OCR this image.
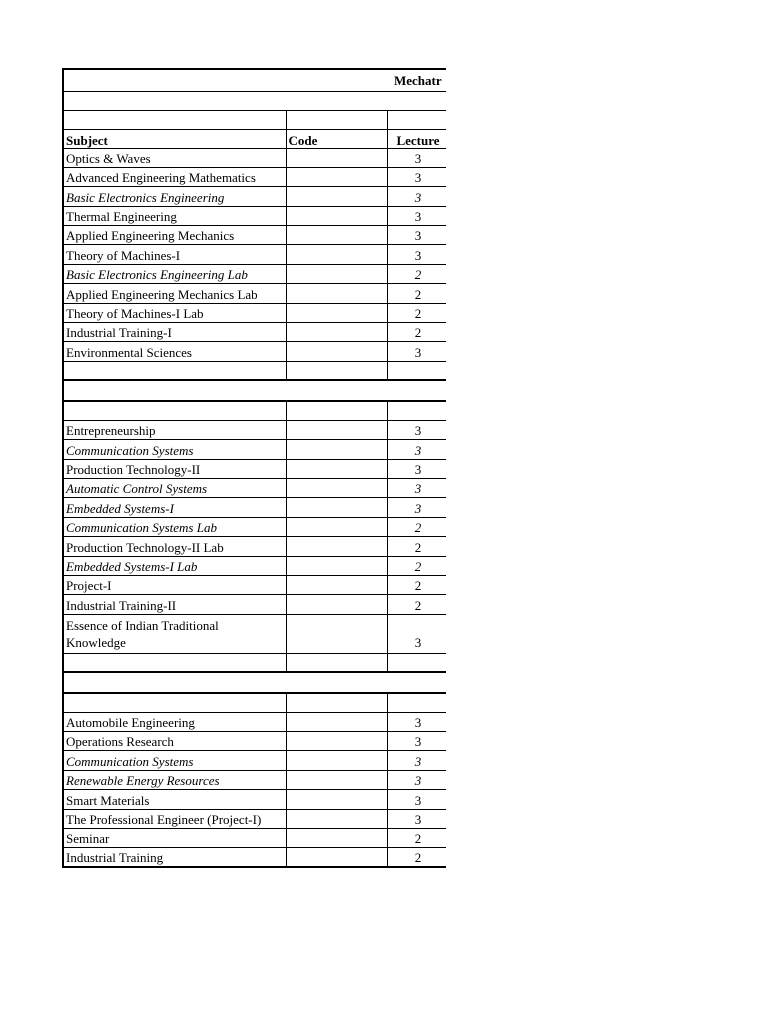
Mechatr		

Subject	Code	Lecture
Optics & Waves		3
Advanced Engineering Mathematics		3
Basic Electronics Engineering		3
Thermal Engineering		3
Applied Engineering Mechanics		3
Theory of Machines-I		3
Basic Electronics Engineering Lab		2
Applied Engineering Mechanics Lab		2
Theory of Machines-I Lab		2
Industrial Training-I		2
Environmental Sciences		3

Entrepreneurship		3
Communication Systems		3
Production Technology-II		3
Automatic Control Systems		3
Embedded Systems-I		3
Communication Systems Lab		2
Production Technology-II Lab		2
Embedded Systems-I Lab		2
Project-I		2
Industrial Training-II		2

Essence of Indian Traditional
Knowledge		3

Automobile Engineering		3
Operations Research		3
Communication Systems		3
Renewable Energy Resources		3
Smart Materials		3
The Professional Engineer (Project-I)		3
Seminar		2
Industrial Training		2
